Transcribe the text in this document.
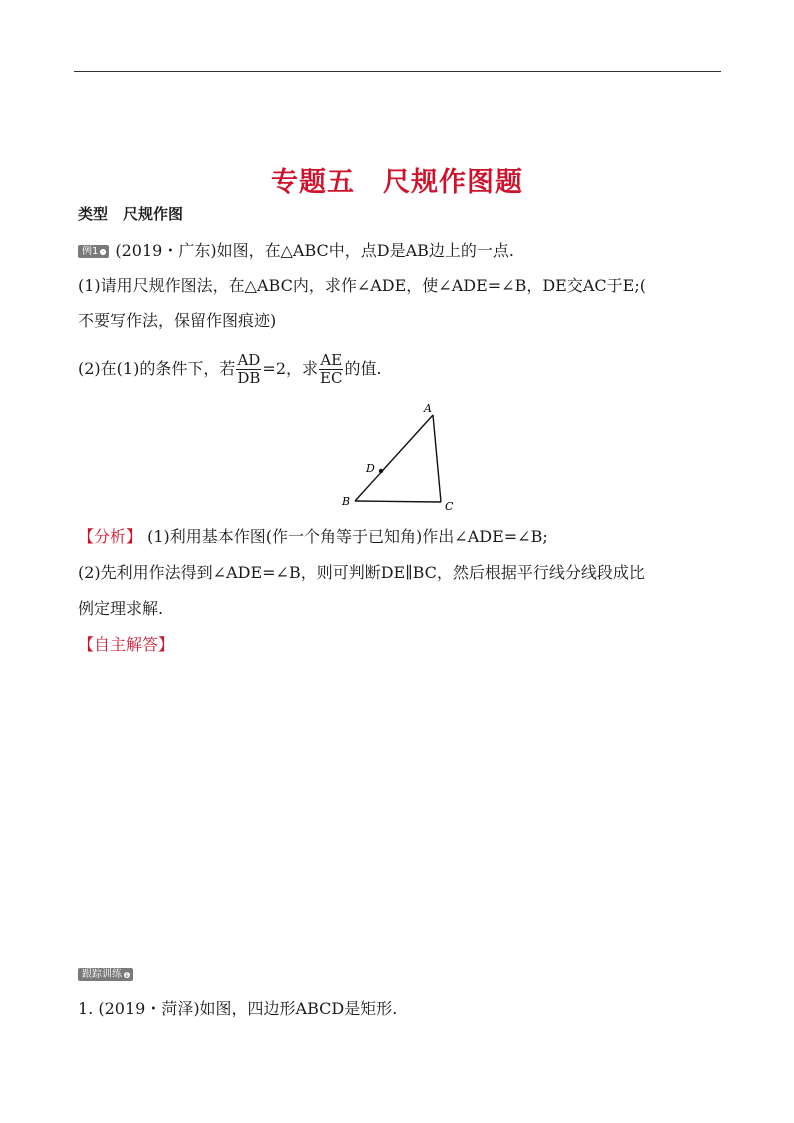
专题五　尺规作图题
类型　尺规作图
例1 · (2019・广东)如图，在△ABC中，点D是AB边上的一点.
(1)请用尺规作图法，在△ABC内，求作∠ADE，使∠ADE=∠B，DE交AC于E;(
不要写作法，保留作图痕迹)
(2)在(1)的条件下，若 $\frac{AD}{DB} =2$，求 $\frac{AE}{EC}$ 的值.
A
B	C
D
【分析】 (1)利用基本作图(作一个角等于已知角)作出∠ADE=∠B;
(2)先利用作法得到∠ADE=∠B，则可判断DE∥BC，然后根据平行线分线段成比
例定理求解.
【自主解答】
跟踪训练 ↓
1. (2019・菏泽)如图，四边形ABCD是矩形.
